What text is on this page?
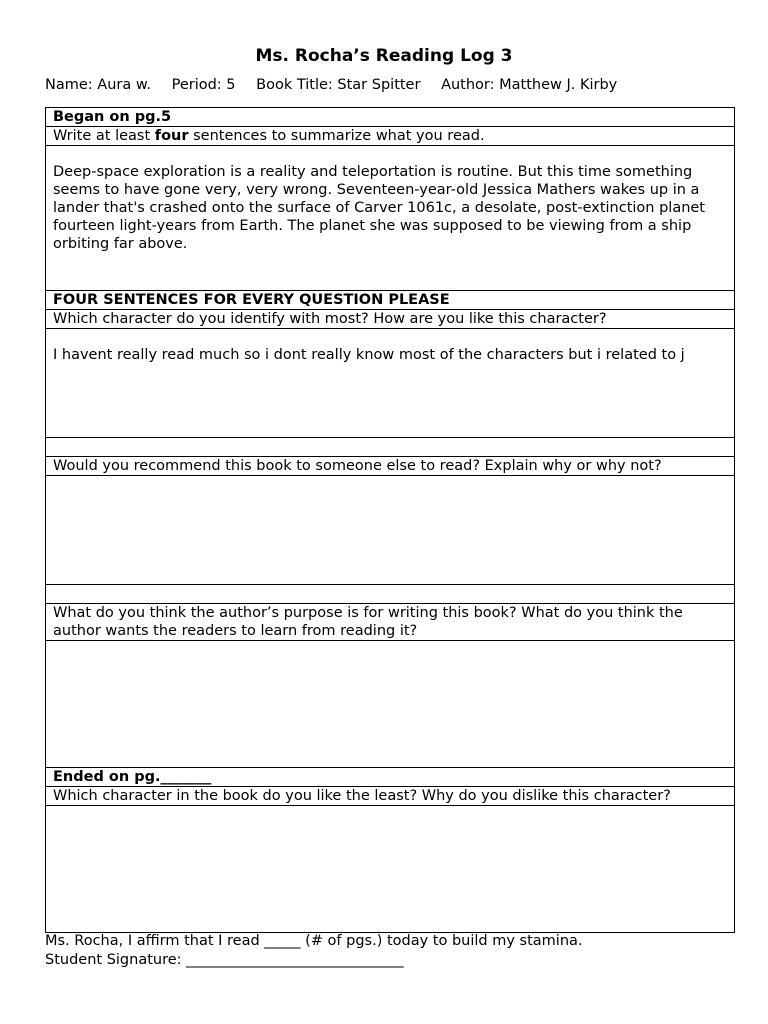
Ms. Rocha’s Reading Log 3
Name: Aura w. Period: 5 Book Title: Star Spitter Author: Matthew J. Kirby
Began on pg.5
Write at least four sentences to summarize what you read.
Deep-space exploration is a reality and teleportation is routine. But this time something seems to have gone very, very wrong. Seventeen-year-old Jessica Mathers wakes up in a lander that's crashed onto the surface of Carver 1061c, a desolate, post-extinction planet fourteen light-years from Earth. The planet she was supposed to be viewing from a ship orbiting far above.
FOUR SENTENCES FOR EVERY QUESTION PLEASE
Which character do you identify with most? How are you like this character?
I havent really read much so i dont really know most of the characters but i related to j

Would you recommend this book to someone else to read? Explain why or why not?

What do you think the author’s purpose is for writing this book? What do you think the author wants the readers to learn from reading it?

Ended on pg._______
Which character in the book do you like the least? Why do you dislike this character?

Ms. Rocha, I affirm that I read _____ (# of pgs.) today to build my stamina.
Student Signature: ______________________________
